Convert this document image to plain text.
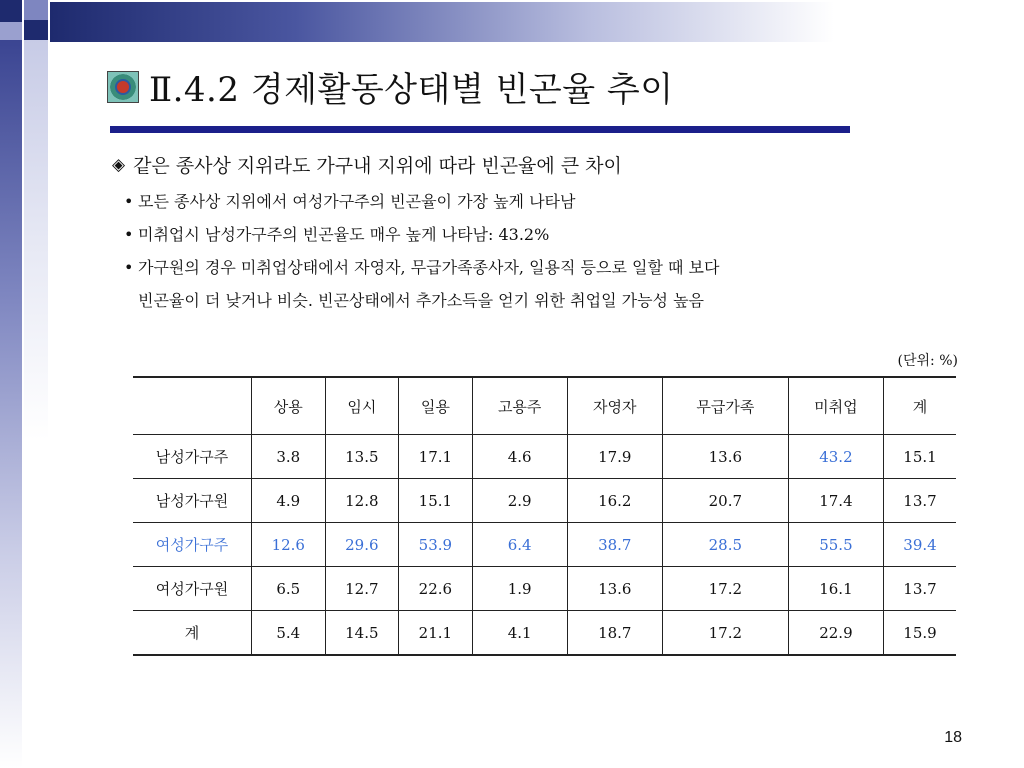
Ⅱ.4.2 경제활동상태별 빈곤율 추이
◈ 같은 종사상 지위라도 가구내 지위에 따라 빈곤율에 큰 차이
• 모든 종사상 지위에서 여성가구주의 빈곤율이 가장 높게 나타남
• 미취업시 남성가구주의 빈곤율도 매우 높게 나타남: 43.2%
• 가구원의 경우 미취업상태에서 자영자, 무급가족종사자, 일용직 등으로 일할 때 보다
빈곤율이 더 낮거나 비슷. 빈곤상태에서 추가소득을 얻기 위한 취업일 가능성 높음
(단위: %)
	상용	임시	일용	고용주	자영자	무급가족	미취업	계
남성가구주	3.8	13.5	17.1	4.6	17.9	13.6	43.2	15.1
남성가구원	4.9	12.8	15.1	2.9	16.2	20.7	17.4	13.7
여성가구주	12.6	29.6	53.9	6.4	38.7	28.5	55.5	39.4
여성가구원	6.5	12.7	22.6	1.9	13.6	17.2	16.1	13.7
계	5.4	14.5	21.1	4.1	18.7	17.2	22.9	15.9
18
